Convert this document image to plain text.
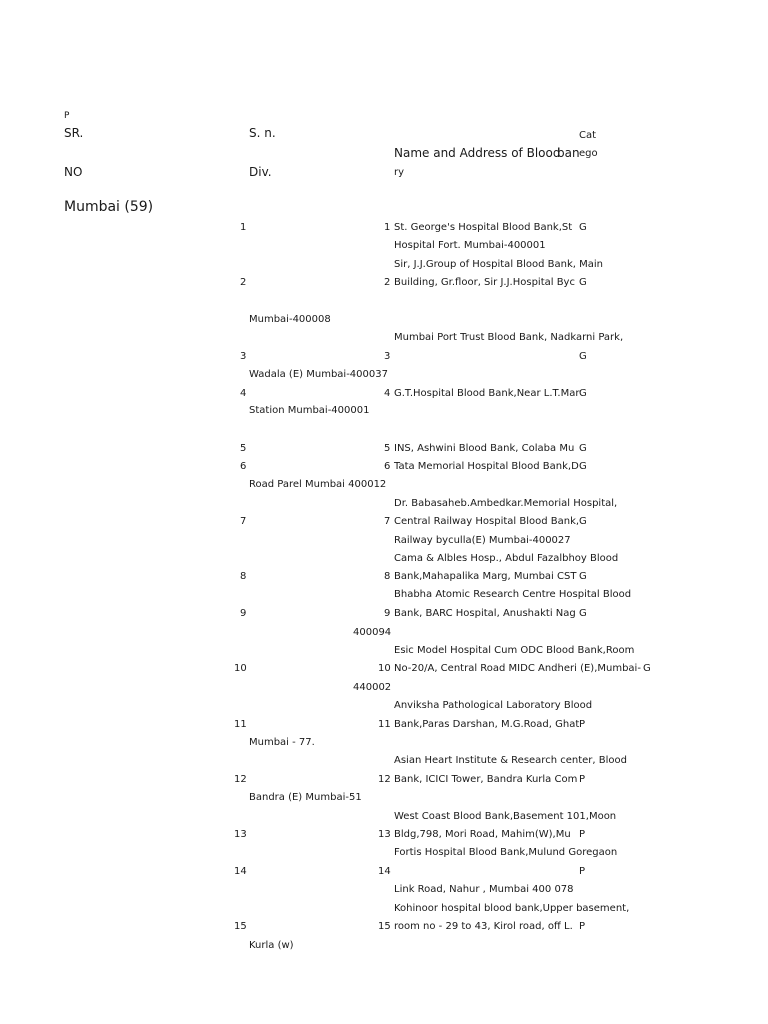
P
SR.
NO
S. n.
Div.
Name and Address of Blood
ban
Cat
ego
ry
Mumbai (59)
1	1 St. George's Hospital Blood Bank,St G
Hospital Fort. Mumbai-400001
Sir, J.J.Group of Hospital Blood Bank, Main
2	2 Building, Gr.floor, Sir J.J.Hospital Byc G
Mumbai-400008
Mumbai Port Trust Blood Bank, Nadkarni Park,
3	3	G
Wadala (E) Mumbai-400037
4	4 G.T.Hospital Blood Bank,Near L.T.Mar G
Station Mumbai-400001
5	5 INS, Ashwini Blood Bank, Colaba Mu G
6	6 Tata Memorial Hospital Blood Bank,D G
Road Parel Mumbai 400012
Dr. Babasaheb.Ambedkar.Memorial Hospital,
7	7 Central Railway Hospital Blood Bank, G
Railway byculla(E) Mumbai-400027
Cama & Albles Hosp., Abdul Fazalbhoy Blood
8	8 Bank,Mahapalika Marg, Mumbai CST G
Bhabha Atomic Research Centre Hospital Blood
9	9 Bank, BARC Hospital, Anushakti Nag G
400094
Esic Model Hospital Cum ODC Blood Bank,Room
10	10 No-20/A, Central Road MIDC Andheri (E),Mumbai- G
440002
Anviksha Pathological Laboratory Blood
11	11 Bank,Paras Darshan, M.G.Road, Ghat P
Mumbai - 77.
Asian Heart Institute & Research center, Blood
12	12 Bank, ICICI Tower, Bandra Kurla Com P
Bandra (E) Mumbai-51
West Coast Blood Bank,Basement 101,Moon
13	13 Bldg,798, Mori Road, Mahim(W),Mu P
Fortis Hospital Blood Bank,Mulund Goregaon
14	14	P
Link Road, Nahur , Mumbai 400 078
Kohinoor hospital blood bank,Upper basement,
15	15 room no - 29 to 43, Kirol road, off L. P
Kurla (w)
